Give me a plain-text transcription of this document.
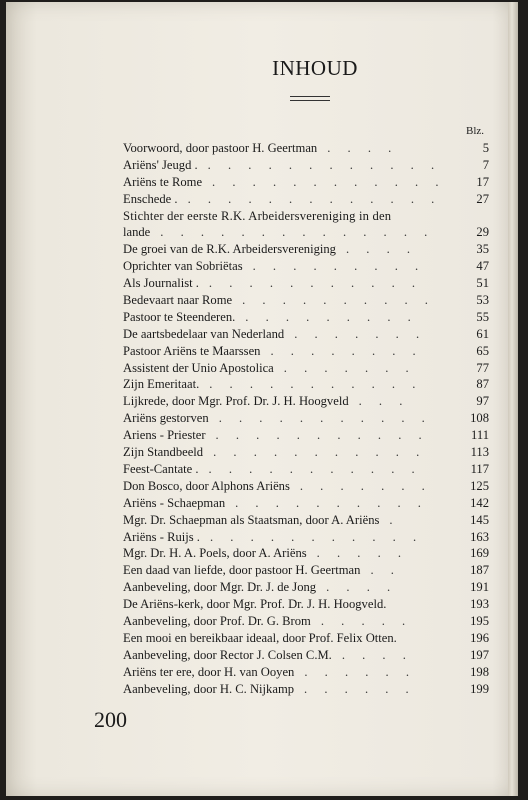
INHOUD
Blz.
Voorwoord, door pastoor H. Geertman . . . .	5
Ariëns' Jeugd . . . . . . . . . . . . .	7
Ariëns te Rome . . . . . . . . . . . . 17
Enschede . . . . . . . . . . . . . .	27
Stichter der eerste R.K. Arbeidersvereniging in den
lande . . . . . . . . . . . . . .	29
De groei van de R.K. Arbeidersvereniging . . . .	35
Oprichter van Sobriëtas . . . . . . . . .	47
Als Journalist . . . . . . . . . . . .	51
Bedevaart naar Rome . . . . . . . . . .	53
Pastoor te Steenderen. . . . . . . . . .	55
De aartsbedelaar van Nederland . . . . . . .	61
Pastoor Ariëns te Maarssen . . . . . . . .	65
Assistent der Unio Apostolica . . . . . . .	77
Zijn Emeritaat. . . . . . . . . . . .	87
Lijkrede, door Mgr. Prof. Dr. J. H. Hoogveld . . .	97
Ariëns gestorven . . . . . . . . . . .	108
Ariens - Priester . . . . . . . . . . .	111
Zijn Standbeeld . . . . . . . . . . .	113
Feest-Cantate . . . . . . . . . . . .	117
Don Bosco, door Alphons Ariëns . . . . . . .	125
Ariëns - Schaepman . . . . . . . . . .	142
Mgr. Dr. Schaepman als Staatsman, door A. Ariëns .	145
Ariëns - Ruijs . . . . . . . . . . . .	163
Mgr. Dr. H. A. Poels, door A. Ariëns . . . . .	169
Een daad van liefde, door pastoor H. Geertman . .	187
Aanbeveling, door Mgr. Dr. J. de Jong . . . .	191
De Ariëns-kerk, door Mgr. Prof. Dr. J. H. Hoogveld.	193
Aanbeveling, door Prof. Dr. G. Brom . . . . .	195
Een mooi en bereikbaar ideaal, door Prof. Felix Otten.	196
Aanbeveling, door Rector J. Colsen C.M. . . . .	197
Ariëns ter ere, door H. van Ooyen . . . . . .	198
Aanbeveling, door H. C. Nijkamp . . . . . .	199
200
